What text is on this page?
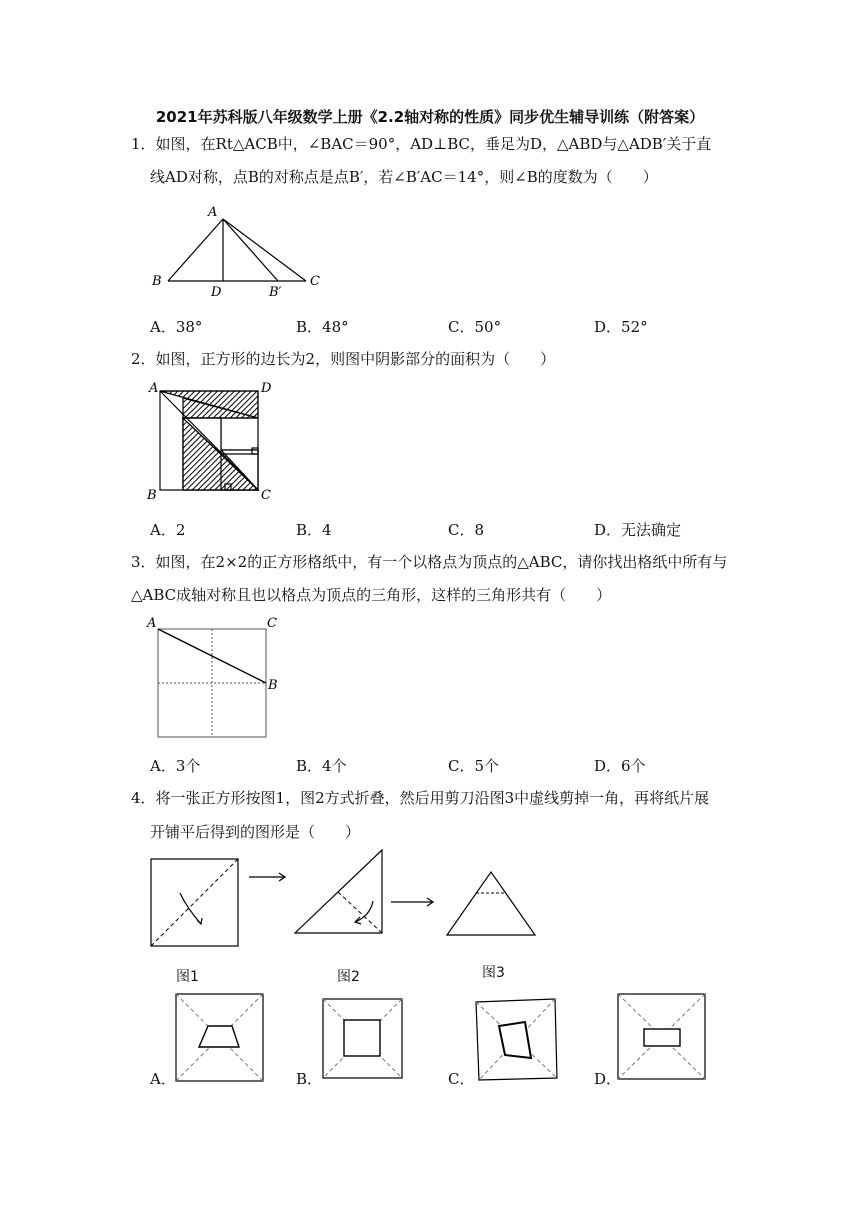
2021年苏科版八年级数学上册《2.2轴对称的性质》同步优生辅导训练（附答案）
1．如图，在Rt△ACB中，∠BAC＝90°，AD⊥BC，垂足为D，△ABD与△ADB′关于直
线AD对称，点B的对称点是点B′，若∠B′AC＝14°，则∠B的度数为（　　）
A
B
D	B′
C
A．38°	B．48°	C．50°	D．52°
2．如图，正方形的边长为2，则图中阴影部分的面积为（　　）
A	D
B	C
A．2	B．4	C．8	D．无法确定
3．如图，在2×2的正方形格纸中，有一个以格点为顶点的△ABC，请你找出格纸中所有与
△ABC成轴对称且也以格点为顶点的三角形，这样的三角形共有（　　）
A	C
B
A．3个	B．4个	C．5个	D．6个
4．将一张正方形按图1，图2方式折叠，然后用剪刀沿图3中虚线剪掉一角，再将纸片展
开铺平后得到的图形是（　　）
图1	图2	图3
A．	B．	C．	D．
